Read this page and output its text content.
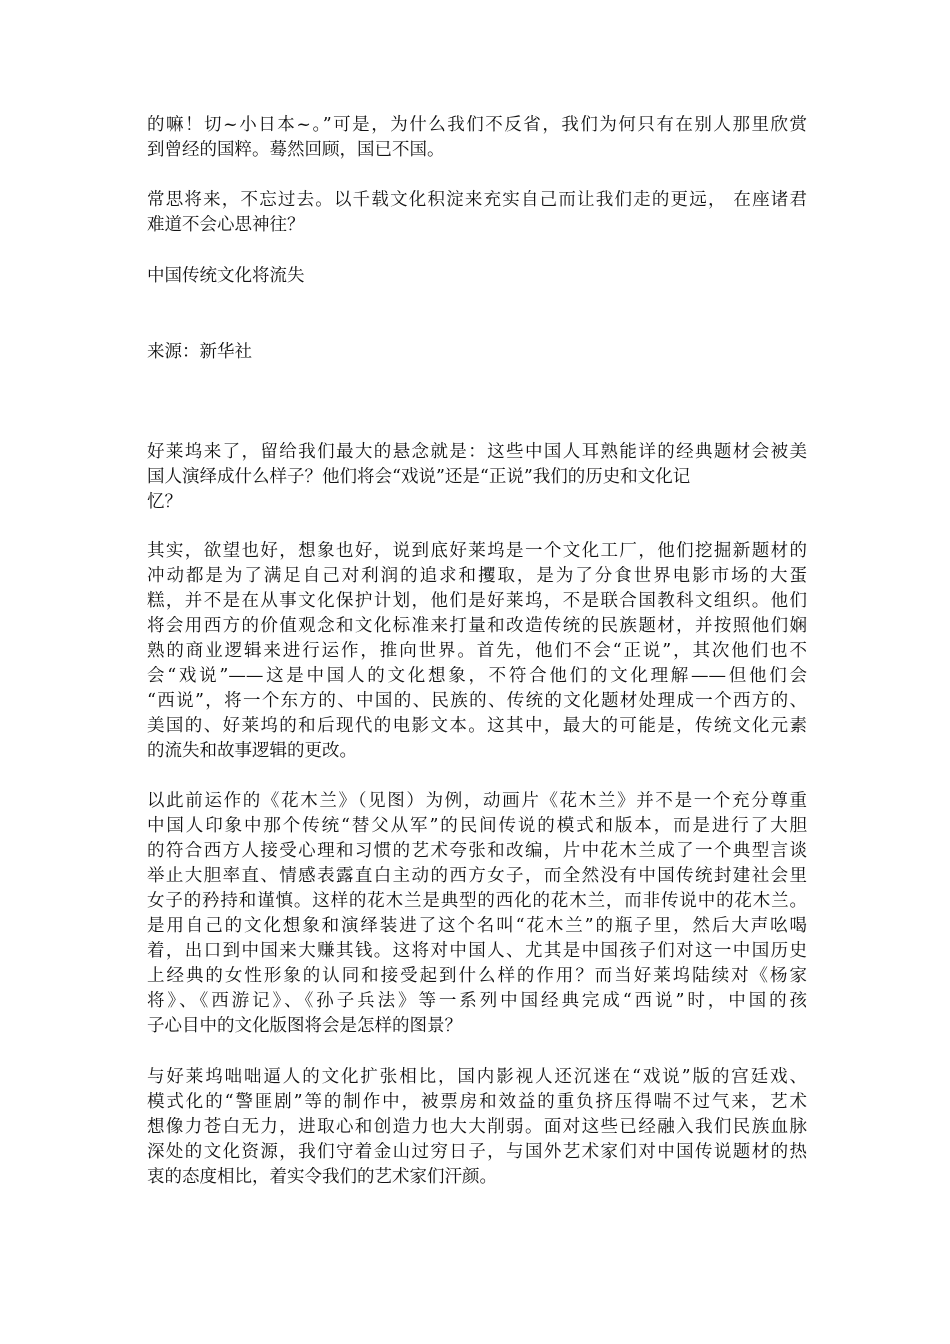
的嘛！切~小日本~。”可是，为什么我们不反省，我们为何只有在别人那里欣赏
到曾经的国粹。蓦然回顾，国已不国。
常思将来，不忘过去。以千载文化积淀来充实自己而让我们走的更远， 在座诸君
难道不会心思神往？
中国传统文化将流失
来源：新华社
好莱坞来了，留给我们最大的悬念就是：这些中国人耳熟能详的经典题材会被美
国人演绎成什么样子？他们将会“戏说”还是“正说”我们的历史和文化记
忆？
其实，欲望也好，想象也好，说到底好莱坞是一个文化工厂，他们挖掘新题材的
冲动都是为了满足自己对利润的追求和攫取，是为了分食世界电影市场的大蛋
糕，并不是在从事文化保护计划，他们是好莱坞，不是联合国教科文组织。他们
将会用西方的价值观念和文化标准来打量和改造传统的民族题材，并按照他们娴
熟的商业逻辑来进行运作，推向世界。首先，他们不会“正说”，其次他们也不
会“戏说”——这是中国人的文化想象，不符合他们的文化理解——但他们会
“西说”，将一个东方的、中国的、民族的、传统的文化题材处理成一个西方的、
美国的、好莱坞的和后现代的电影文本。这其中，最大的可能是，传统文化元素
的流失和故事逻辑的更改。
以此前运作的《花木兰》（见图）为例，动画片《花木兰》并不是一个充分尊重
中国人印象中那个传统“替父从军”的民间传说的模式和版本，而是进行了大胆
的符合西方人接受心理和习惯的艺术夸张和改编，片中花木兰成了一个典型言谈
举止大胆率直、情感表露直白主动的西方女子，而全然没有中国传统封建社会里
女子的矜持和谨慎。这样的花木兰是典型的西化的花木兰，而非传说中的花木兰。
是用自己的文化想象和演绎装进了这个名叫“花木兰”的瓶子里，然后大声吆喝
着，出口到中国来大赚其钱。这将对中国人、尤其是中国孩子们对这一中国历史
上经典的女性形象的认同和接受起到什么样的作用？而当好莱坞陆续对《杨家
将》、《西游记》、《孙子兵法》等一系列中国经典完成“西说”时，中国的孩
子心目中的文化版图将会是怎样的图景？
与好莱坞咄咄逼人的文化扩张相比，国内影视人还沉迷在“戏说”版的宫廷戏、
模式化的“警匪剧”等的制作中，被票房和效益的重负挤压得喘不过气来，艺术
想像力苍白无力，进取心和创造力也大大削弱。面对这些已经融入我们民族血脉
深处的文化资源，我们守着金山过穷日子，与国外艺术家们对中国传说题材的热
衷的态度相比，着实令我们的艺术家们汗颜。
